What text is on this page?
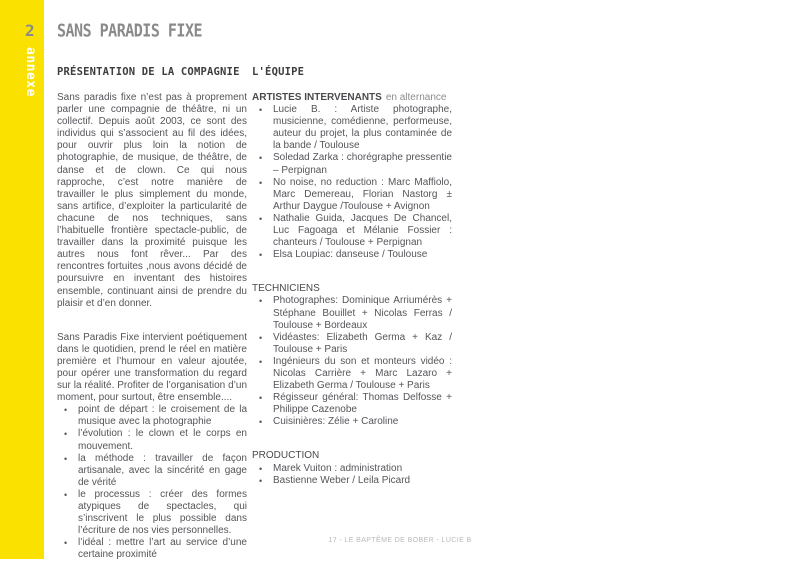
2
annexe
SANS PARADIS FIXE
PRÉSENTATION DE LA COMPAGNIE

Sans paradis fixe n’est pas à proprement parler une compagnie de théâtre, ni un collectif. Depuis août 2003, ce sont des individus qui s’associent au fil des idées, pour ouvrir plus loin la notion de photographie, de musique, de théâtre, de danse et de clown. Ce qui nous rapproche, c’est notre manière de travailler le plus simplement du monde, sans artifice, d’exploiter la particularité de chacune de nos techniques, sans l’habituelle frontière spectacle-public, de travailler dans la proximité puisque les autres nous font rêver... Par des rencontres fortuites ,nous avons décidé de poursuivre en inventant des histoires ensemble, continuant ainsi de prendre du plaisir et d’en donner.

Sans Paradis Fixe intervient poétiquement dans le quotidien, prend le réel en matière première et l’humour en valeur ajoutée, pour opérer une transformation du regard sur la réalité. Profiter de l’organisation d’un moment, pour surtout, être ensemble....

• point de départ : le croisement de la musique avec la photographie
• l’évolution : le clown et le corps en mouvement.
• la méthode : travailler de façon artisanale, avec la sincérité en gage de vérité
• le processus : créer des formes atypiques de spectacles, qui s’inscrivent le plus possible dans l’écriture de nos vies personnelles.
• l’idéal : mettre l’art au service d’une certaine proximité
L'ÉQUIPE
ARTISTES INTERVENANTS en alternance
• Lucie B. : Artiste photographe, musicienne, comédienne, performeuse, auteur du projet, la plus contaminée de la bande / Toulouse
• Soledad Zarka : chorégraphe pressentie – Perpignan
• No noise, no reduction : Marc Maffiolo, Marc Demereau, Florian Nastorg ± Arthur Daygue /Toulouse + Avignon
• Nathalie Guida, Jacques De Chancel, Luc Fagoaga et Mélanie Fossier : chanteurs / Toulouse + Perpignan
• Elsa Loupiac: danseuse / Toulouse
TECHNICIENS
• Photographes: Dominique Arriumérès + Stéphane Bouillet + Nicolas Ferras / Toulouse + Bordeaux
• Vidéastes: Elizabeth Germa + Kaz / Toulouse + Paris
• Ingénieurs du son et monteurs vidéo : Nicolas Carrière + Marc Lazaro + Elizabeth Germa / Toulouse + Paris
• Régisseur général: Thomas Delfosse + Philippe Cazenobe
• Cuisinières: Zélie + Caroline
PRODUCTION
• Marek Vuiton : administration
• Bastienne Weber / Leila Picard
17 - LE BAPTÊME DE BOBER - LUCIE B
